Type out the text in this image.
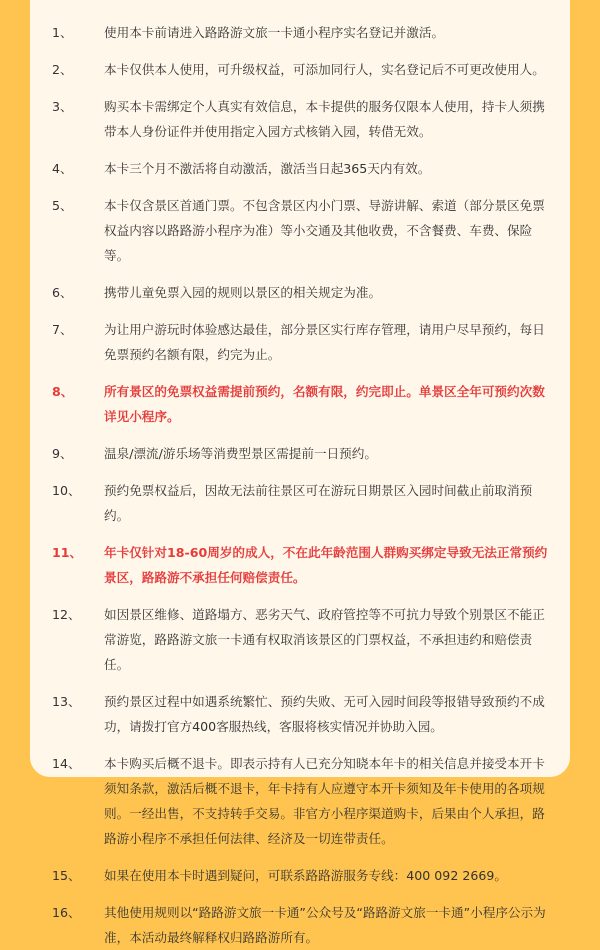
1、	使用本卡前请进入路路游文旅一卡通小程序实名登记并激活。
2、	本卡仅供本人使用，可升级权益，可添加同行人，实名登记后不可更改使用人。
3、	购买本卡需绑定个人真实有效信息，本卡提供的服务仅限本人使用，持卡人须携带本人身份证件并使用指定入园方式核销入园，转借无效。
4、	本卡三个月不激活将自动激活，激活当日起365天内有效。
5、	本卡仅含景区首通门票。不包含景区内小门票、导游讲解、索道（部分景区免票权益内容以路路游小程序为准）等小交通及其他收费，不含餐费、车费、保险等。
6、	携带儿童免票入园的规则以景区的相关规定为准。
7、	为让用户游玩时体验感达最佳，部分景区实行库存管理，请用户尽早预约，每日免票预约名额有限，约完为止。
8、	所有景区的免票权益需提前预约，名额有限，约完即止。单景区全年可预约次数详见小程序。
9、	温泉/漂流/游乐场等消费型景区需提前一日预约。
10、	预约免票权益后，因故无法前往景区可在游玩日期景区入园时间截止前取消预约。
11、	年卡仅针对18-60周岁的成人，不在此年龄范围人群购买绑定导致无法正常预约景区，路路游不承担任何赔偿责任。
12、	如因景区维修、道路塌方、恶劣天气、政府管控等不可抗力导致个别景区不能正常游览，路路游文旅一卡通有权取消该景区的门票权益，不承担违约和赔偿责任。
13、	预约景区过程中如遇系统繁忙、预约失败、无可入园时间段等报错导致预约不成功，请拨打官方400客服热线，客服将核实情况并协助入园。
14、	本卡购买后概不退卡。即表示持有人已充分知晓本年卡的相关信息并接受本开卡须知条款，激活后概不退卡，年卡持有人应遵守本开卡须知及年卡使用的各项规则。一经出售，不支持转手交易。非官方小程序渠道购卡，后果由个人承担，路路游小程序不承担任何法律、经济及一切连带责任。
15、	如果在使用本卡时遇到疑问，可联系路路游服务专线：400 092 2669。
16、	其他使用规则以“路路游文旅一卡通”公众号及“路路游文旅一卡通”小程序公示为准，本活动最终解释权归路路游所有。
